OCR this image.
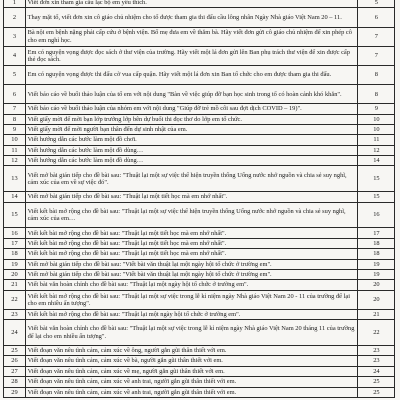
1	Viết đơn xin tham gia câu lạc bộ em yêu thích.	5
2	Thay mặt tổ, viết đơn xin cô giáo chủ nhiệm cho tổ được tham gia thi đấu cầu lông nhân Ngày Nhà giáo Việt Nam 20 – 11.	6
3	Bà nội em bệnh nặng phải cấp cứu ở bệnh viện. Bố mẹ đưa em về thăm bà. Hãy viết đơn gửi cô giáo chủ nhiệm để xin phép cô cho em nghỉ học.	7
4	Em có nguyện vọng được đọc sách ở thư viện của trường. Hãy viết một lá đơn gửi lên Ban phụ trách thư viện để xin được cấp thẻ đọc sách.	7
5	Em có nguyện vọng được thi đấu cờ vua cấp quận. Hãy viết một lá đơn xin Ban tổ chức cho em được tham gia thi đấu.	8
6	Viết báo cáo về buổi thảo luận của tổ em với nội dung "Bàn về việc giúp đỡ bạn học sinh trong tổ có hoàn cảnh khó khăn".	8
7	Viết báo cáo về buổi thảo luận của nhóm em với nội dung "Giúp đỡ trẻ mồ côi sau đợt dịch COVID – 19)".	9
8	Viết giấy mời để mời bạn lớp trưởng lớp bên dự buổi thi đọc thơ do lớp em tổ chức.	10
9	Viết giấy mời để mời người bạn thân đến dự sinh nhật của em.	10
10	Viết hướng dẫn các bước làm một đồ chơi.	11
11	Viết hướng dẫn các bước làm một đồ dùng…	12
12	Viết hướng dẫn các bước làm một đồ dùng…	14
13	Viết mở bài gián tiếp cho đề bài sau: "Thuật lại một sự việc thể hiện truyền thống Uống nước nhớ nguồn và chia sẻ suy nghĩ, cảm xúc của em về sự việc đó".	15
14	Viết mở bài gián tiếp cho đề bài sau: "Thuật lại một tiết học mà em nhớ nhất".	15
15	Viết kết bài mở rộng cho đề bài sau: "Thuật lại một sự việc thể hiện truyền thống Uống nước nhớ nguồn và chia sẻ suy nghĩ, cảm xúc của em…	16
16	Viết kết bài mở rộng cho đề bài sau: "Thuật lại một tiết học mà em nhớ nhất".	17
17	Viết kết bài mở rộng cho đề bài sau: "Thuật lại một tiết học mà em nhớ nhất".	18
18	Viết kết bài mở rộng cho đề bài sau: "Thuật lại một tiết học mà em nhớ nhất".	18
19	Viết mở bài gián tiếp cho đề bài sau: "Viết bài văn thuật lại một ngày hội tổ chức ở trường em".	19
20	Viết mở bài gián tiếp cho đề bài sau: "Viết bài văn thuật lại một ngày hội tổ chức ở trường em".	19
21	Viết bài văn hoàn chỉnh cho đề bài sau: "Thuật lại một ngày hội tổ chức ở trường em".	20
22	Viết kết bài mở rộng cho đề bài sau: "Thuật lại một sự việc trong lễ kỉ niệm ngày Nhà giáo Việt Nam 20 - 11 của trường để lại cho em nhiều ấn tượng".	20
23	Viết kết bài mở rộng cho đề bài sau: "Thuật lại một ngày hội tổ chức ở trường em".	21
24	Viết bài văn hoàn chỉnh cho đề bài sau: "Thuật lại một sự việc trong lễ kỉ niệm ngày Nhà giáo Việt Nam 20 tháng 11 của trường để lại cho em nhiều ấn tượng".	22
25	Viết đoạn văn nêu tình cảm, cảm xúc về ông, người gắn gũi thân thiết với em.	23
26	Viết đoạn văn nêu tình cảm, cảm xúc về bà, người gắn gũi thân thiết với em.	23
27	Viết đoạn văn nêu tình cảm, cảm xúc về mẹ, người gắn gũi thân thiết với em.	24
28	Viết đoạn văn nêu tình cảm, cảm xúc về anh trai, người gắn gũi thân thiết với em.	25
29	Viết đoạn văn nêu tình cảm, cảm xúc về anh trai, người gắn gũi thân thiết với em.	25
